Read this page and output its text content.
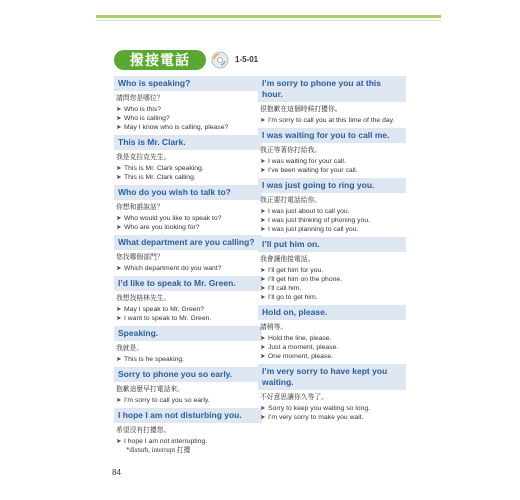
撥接電話	1-5-01
Who is speaking?
請問您是哪位？
➤ Who is this?
➤ Who is calling?
➤ May I know who is calling, please?
This is Mr. Clark.
我是克拉克先生。
➤ This is Mr. Clark speaking.
➤ This is Mr. Clark calling.
Who do you wish to talk to?
你想和誰說話？
➤ Who would you like to speak to?
➤ Who are you looking for?
What department are you calling?
您找哪個部門？
➤ Which department do you want?
I’d like to speak to Mr. Green.
我想找格林先生。
➤ May I speak to Mr. Green?
➤ I want to speak to Mr. Green.
Speaking.
我就是。
➤ This is he speaking.
Sorry to phone you so early.
抱歉這麼早打電話來。
➤ I’m sorry to call you so early.
I hope I am not disturbing you.
希望沒有打擾您。
➤ I hope I am not interrupting.
*disturb, interrupt 打擾
I’m sorry to phone you at this hour.
很抱歉在這個時候打擾你。
➤ I’m sorry to call you at this time of the day.
I was waiting for you to call me.
我正等著你打給我。
➤ I was waiting for your call.
➤ I’ve been waiting for your call.
I was just going to ring you.
我正要打電話給你。
➤ I was just about to call you.
➤ I was just thinking of phoning you.
➤ I was just planning to call you.
I’ll put him on.
我會讓他接電話。
➤ I’ll get him for you.
➤ I’ll get him on the phone.
➤ I’ll call him.
➤ I’ll go to get him.
Hold on, please.
請稍等。
➤ Hold the line, please.
➤ Just a moment, please.
➤ One moment, please.
I’m very sorry to have kept you waiting.
不好意思讓你久等了。
➤ Sorry to keep you waiting so long.
➤ I’m very sorry to make you wait.
84
